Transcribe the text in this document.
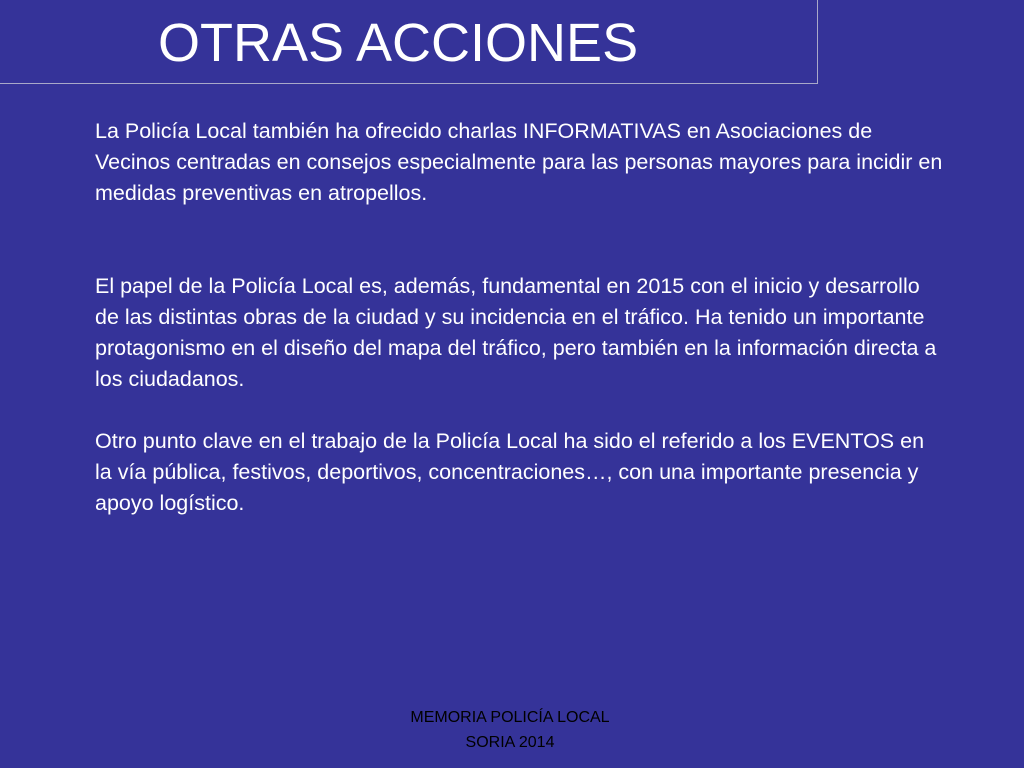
OTRAS ACCIONES

La Policía Local también ha ofrecido charlas INFORMATIVAS en Asociaciones de Vecinos centradas en consejos especialmente para las personas mayores para incidir en medidas preventivas en atropellos.

El papel de la Policía Local es, además, fundamental en 2015 con el inicio y desarrollo de las distintas obras de la ciudad y su incidencia en el tráfico. Ha tenido un importante protagonismo en el diseño del mapa del tráfico, pero también en la información directa a los ciudadanos.

Otro punto clave en el trabajo de la Policía Local ha sido el referido a los EVENTOS en la vía pública, festivos, deportivos, concentraciones…, con una importante presencia y apoyo logístico.

MEMORIA POLICÍA LOCAL
SORIA 2014
